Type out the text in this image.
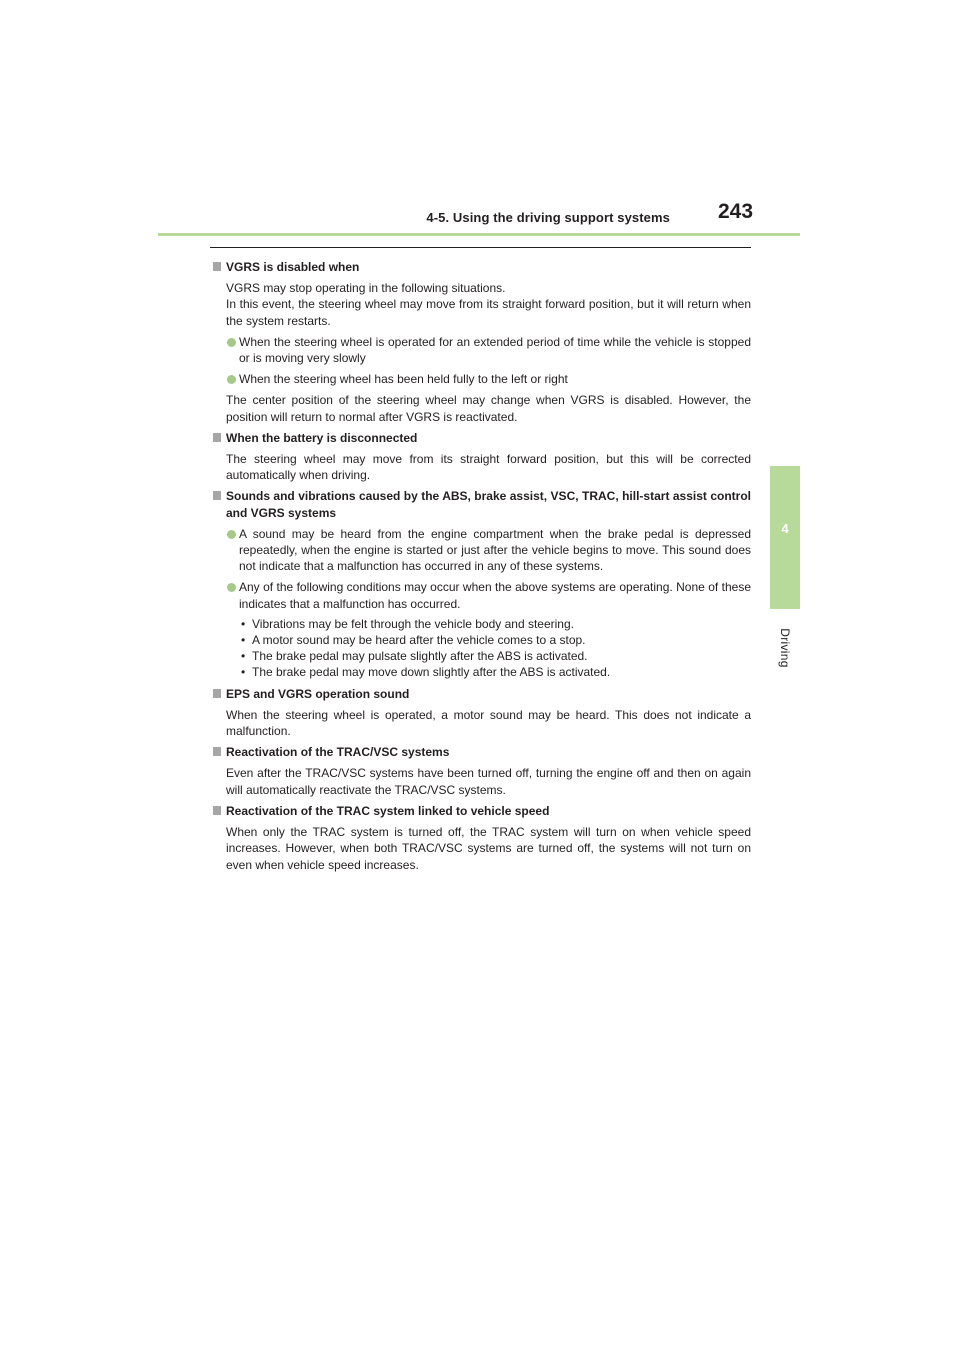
4-5. Using the driving support systems 243
4
Driving
VGRS is disabled when
VGRS may stop operating in the following situations.
In this event, the steering wheel may move from its straight forward position, but it will return when the system restarts.
When the steering wheel is operated for an extended period of time while the vehicle is stopped or is moving very slowly
When the steering wheel has been held fully to the left or right
The center position of the steering wheel may change when VGRS is disabled. However, the position will return to normal after VGRS is reactivated.
When the battery is disconnected
The steering wheel may move from its straight forward position, but this will be corrected automatically when driving.
Sounds and vibrations caused by the ABS, brake assist, VSC, TRAC, hill-start assist control and VGRS systems
A sound may be heard from the engine compartment when the brake pedal is depressed repeatedly, when the engine is started or just after the vehicle begins to move. This sound does not indicate that a malfunction has occurred in any of these systems.
Any of the following conditions may occur when the above systems are operating. None of these indicates that a malfunction has occurred.
• Vibrations may be felt through the vehicle body and steering.
• A motor sound may be heard after the vehicle comes to a stop.
• The brake pedal may pulsate slightly after the ABS is activated.
• The brake pedal may move down slightly after the ABS is activated.
EPS and VGRS operation sound
When the steering wheel is operated, a motor sound may be heard. This does not indicate a malfunction.
Reactivation of the TRAC/VSC systems
Even after the TRAC/VSC systems have been turned off, turning the engine off and then on again will automatically reactivate the TRAC/VSC systems.
Reactivation of the TRAC system linked to vehicle speed
When only the TRAC system is turned off, the TRAC system will turn on when vehicle speed increases. However, when both TRAC/VSC systems are turned off, the systems will not turn on even when vehicle speed increases.
